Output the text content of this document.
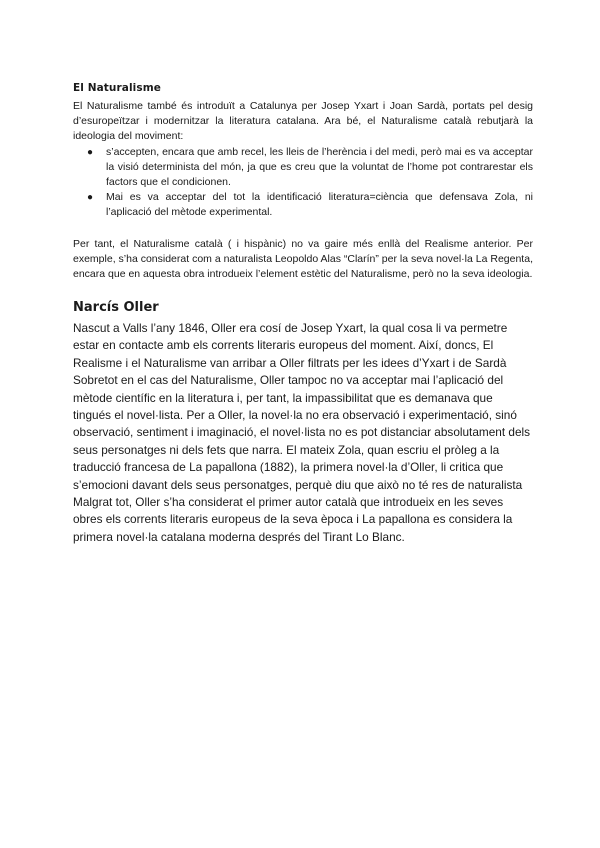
El Naturalisme

El Naturalisme també és introduït a Catalunya per Josep Yxart i Joan Sardà, portats pel desig d’esuropeïtzar i modernitzar la literatura catalana. Ara bé, el Naturalisme català rebutjarà la ideologia del moviment:

● s’accepten, encara que amb recel, les lleis de l’herència i del medi, però mai es va acceptar la visió determinista del món, ja que es creu que la voluntat de l’home pot contrarestar els factors que el condicionen.
● Mai es va acceptar del tot la identificació literatura=ciència que defensava Zola, ni l’aplicació del mètode experimental.

Per tant, el Naturalisme català ( i hispànic) no va gaire més enllà del Realisme anterior. Per exemple, s’ha considerat com a naturalista Leopoldo Alas “Clarín” per la seva novel·la La Regenta, encara que en aquesta obra introdueix l’element estètic del Naturalisme, però no la seva ideologia.

Narcís Oller

Nascut a Valls l’any 1846, Oller era cosí de Josep Yxart, la qual cosa li va permetre estar en contacte amb els corrents literaris europeus del moment. Així, doncs, El Realisme i el Naturalisme van arribar a Oller filtrats per les idees d’Yxart i de Sardà Sobretot en el cas del Naturalisme, Oller tampoc no va acceptar mai l’aplicació del mètode científic en la literatura i, per tant, la impassibilitat que es demanava que tingués el novel·lista. Per a Oller, la novel·la no era observació i experimentació, sinó observació, sentiment i imaginació, el novel·lista no es pot distanciar absolutament dels seus personatges ni dels fets que narra. El mateix Zola, quan escriu el pròleg a la traducció francesa de La papallona (1882), la primera novel·la d’Oller, li critica que s’emocioni davant dels seus personatges, perquè diu que això no té res de naturalista Malgrat tot, Oller s’ha considerat el primer autor català que introdueix en les seves obres els corrents literaris europeus de la seva època i La papallona es considera la primera novel·la catalana moderna després del Tirant Lo Blanc.
